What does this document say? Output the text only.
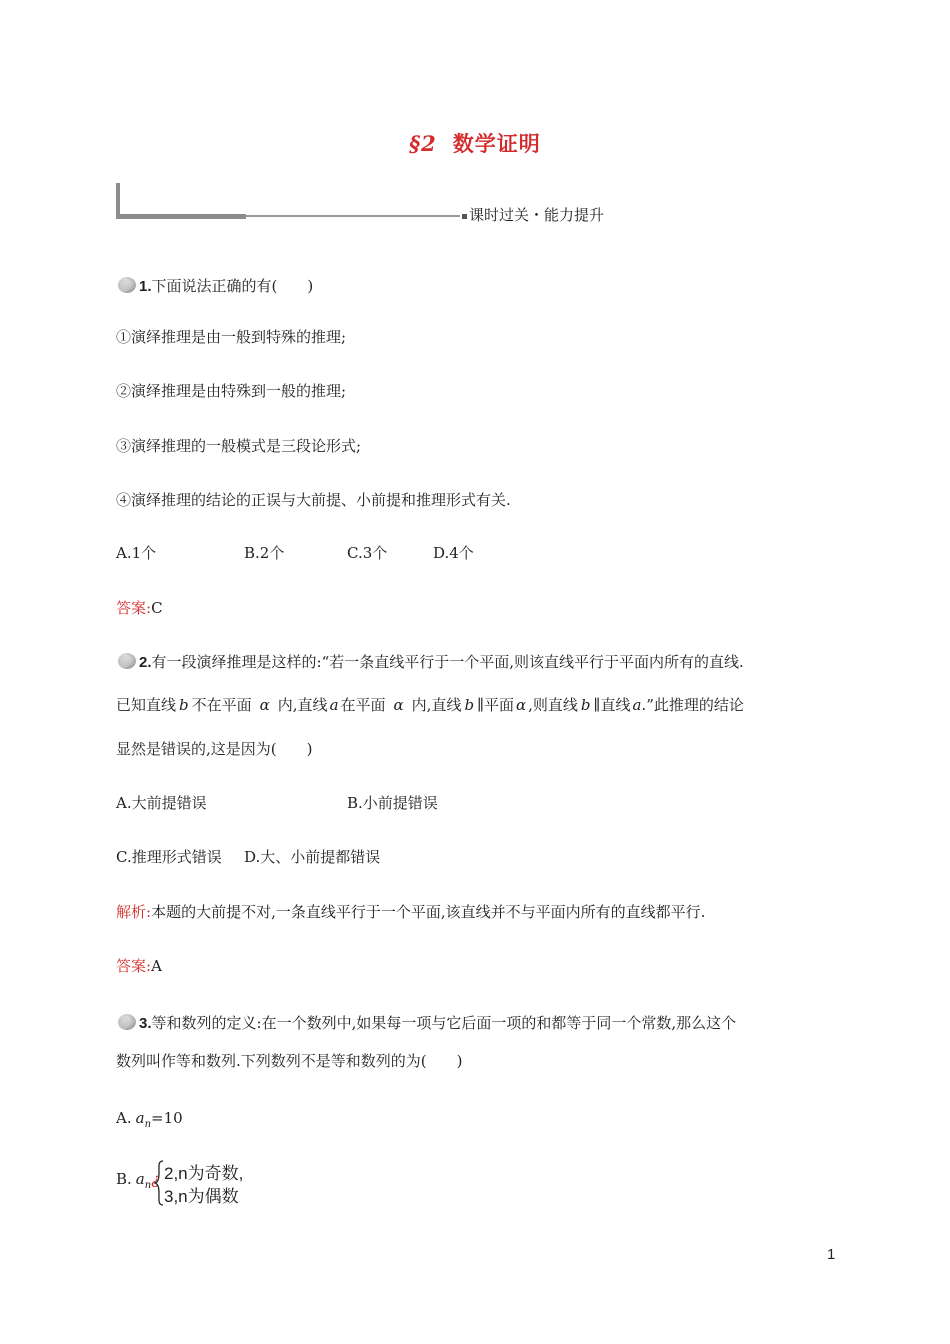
§2 数学证明
课时过关・能力提升
1.下面说法正确的有(　　)
①演绎推理是由一般到特殊的推理;
②演绎推理是由特殊到一般的推理;
③演绎推理的一般模式是三段论形式;
④演绎推理的结论的正误与大前提、小前提和推理形式有关.
A.1个	B.2个	C.3个	D.4个
答案:C
2.有一段演绎推理是这样的:“若一条直线平行于一个平面,则该直线平行于平面内所有的直线.
已知直线 b 不在平面 α 内,直线 a 在平面 α 内,直线 b ∥平面 α ,则直线 b ∥直线 a.”此推理的结论
显然是错误的,这是因为(　　)
A.大前提错误	B.小前提错误
C.推理形式错误 D.大、小前提都错误
解析:本题的大前提不对,一条直线平行于一个平面,该直线并不与平面内所有的直线都平行.
答案:A
3.等和数列的定义:在一个数列中,如果每一项与它后面一项的和都等于同一个常数,那么这个
数列叫作等和数列.下列数列不是等和数列的为(　　)
A. $a_n=10$
B. $a_n¿$ 2,n为奇数,
3,n为偶数
1
